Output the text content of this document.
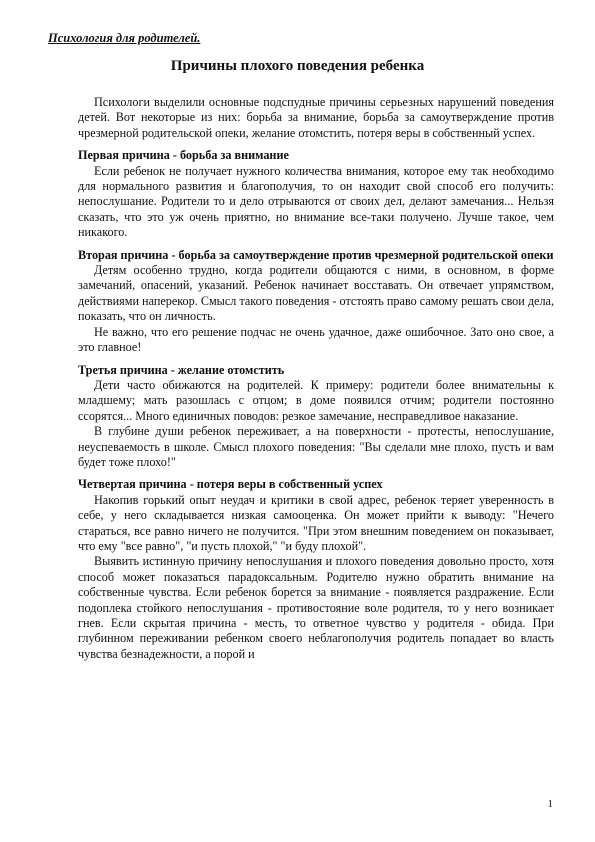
Психология для родителей.
Причины плохого поведения ребенка

Психологи выделили основные подспудные причины серьезных нарушений поведения детей. Вот некоторые из них: борьба за внимание, борьба за самоутверждение против чрезмерной родительской опеки, желание отомстить, потеря веры в собственный успех.

Первая причина - борьба за внимание

Если ребенок не получает нужного количества внимания, которое ему так необходимо для нормального развития и благополучия, то он находит свой способ его получить: непослушание. Родители то и дело отрываются от своих дел, делают замечания... Нельзя сказать, что это уж очень приятно, но внимание все-таки получено. Лучше такое, чем никакого.

Вторая причина - борьба за самоутверждение против чрезмерной родительской опеки

Детям особенно трудно, когда родители общаются с ними, в основном, в форме замечаний, опасений, указаний. Ребенок начинает восставать. Он отвечает упрямством, действиями наперекор. Смысл такого поведения - отстоять право самому решать свои дела, показать, что он личность.

Не важно, что его решение подчас не очень удачное, даже ошибочное. Зато оно свое, а это главное!

Третья причина - желание отомстить

Дети часто обижаются на родителей. К примеру: родители более внимательны к младшему; мать разошлась с отцом; в доме появился отчим; родители постоянно ссорятся... Много единичных поводов: резкое замечание, несправедливое наказание.

В глубине души ребенок переживает, а на поверхности - протесты, непослушание, неуспеваемость в школе. Смысл плохого поведения: "Вы сделали мне плохо, пусть и вам будет тоже плохо!"

Четвертая причина - потеря веры в собственный успех

Накопив горький опыт неудач и критики в свой адрес, ребенок теряет уверенность в себе, у него складывается низкая самооценка. Он может прийти к выводу: "Нечего стараться, все равно ничего не получится. "При этом внешним поведением он показывает, что ему "все равно", "и пусть плохой," "и буду плохой".

Выявить истинную причину непослушания и плохого поведения довольно просто, хотя способ может показаться парадоксальным. Родителю нужно обратить внимание на собственные чувства. Если ребенок борется за внимание - появляется раздражение. Если подоплека стойкого непослушания - противостояние воле родителя, то у него возникает гнев. Если скрытая причина - месть, то ответное чувство у родителя - обида. При глубинном переживании ребенком своего неблагополучия родитель попадает во власть чувства безнадежности, а порой и

1
